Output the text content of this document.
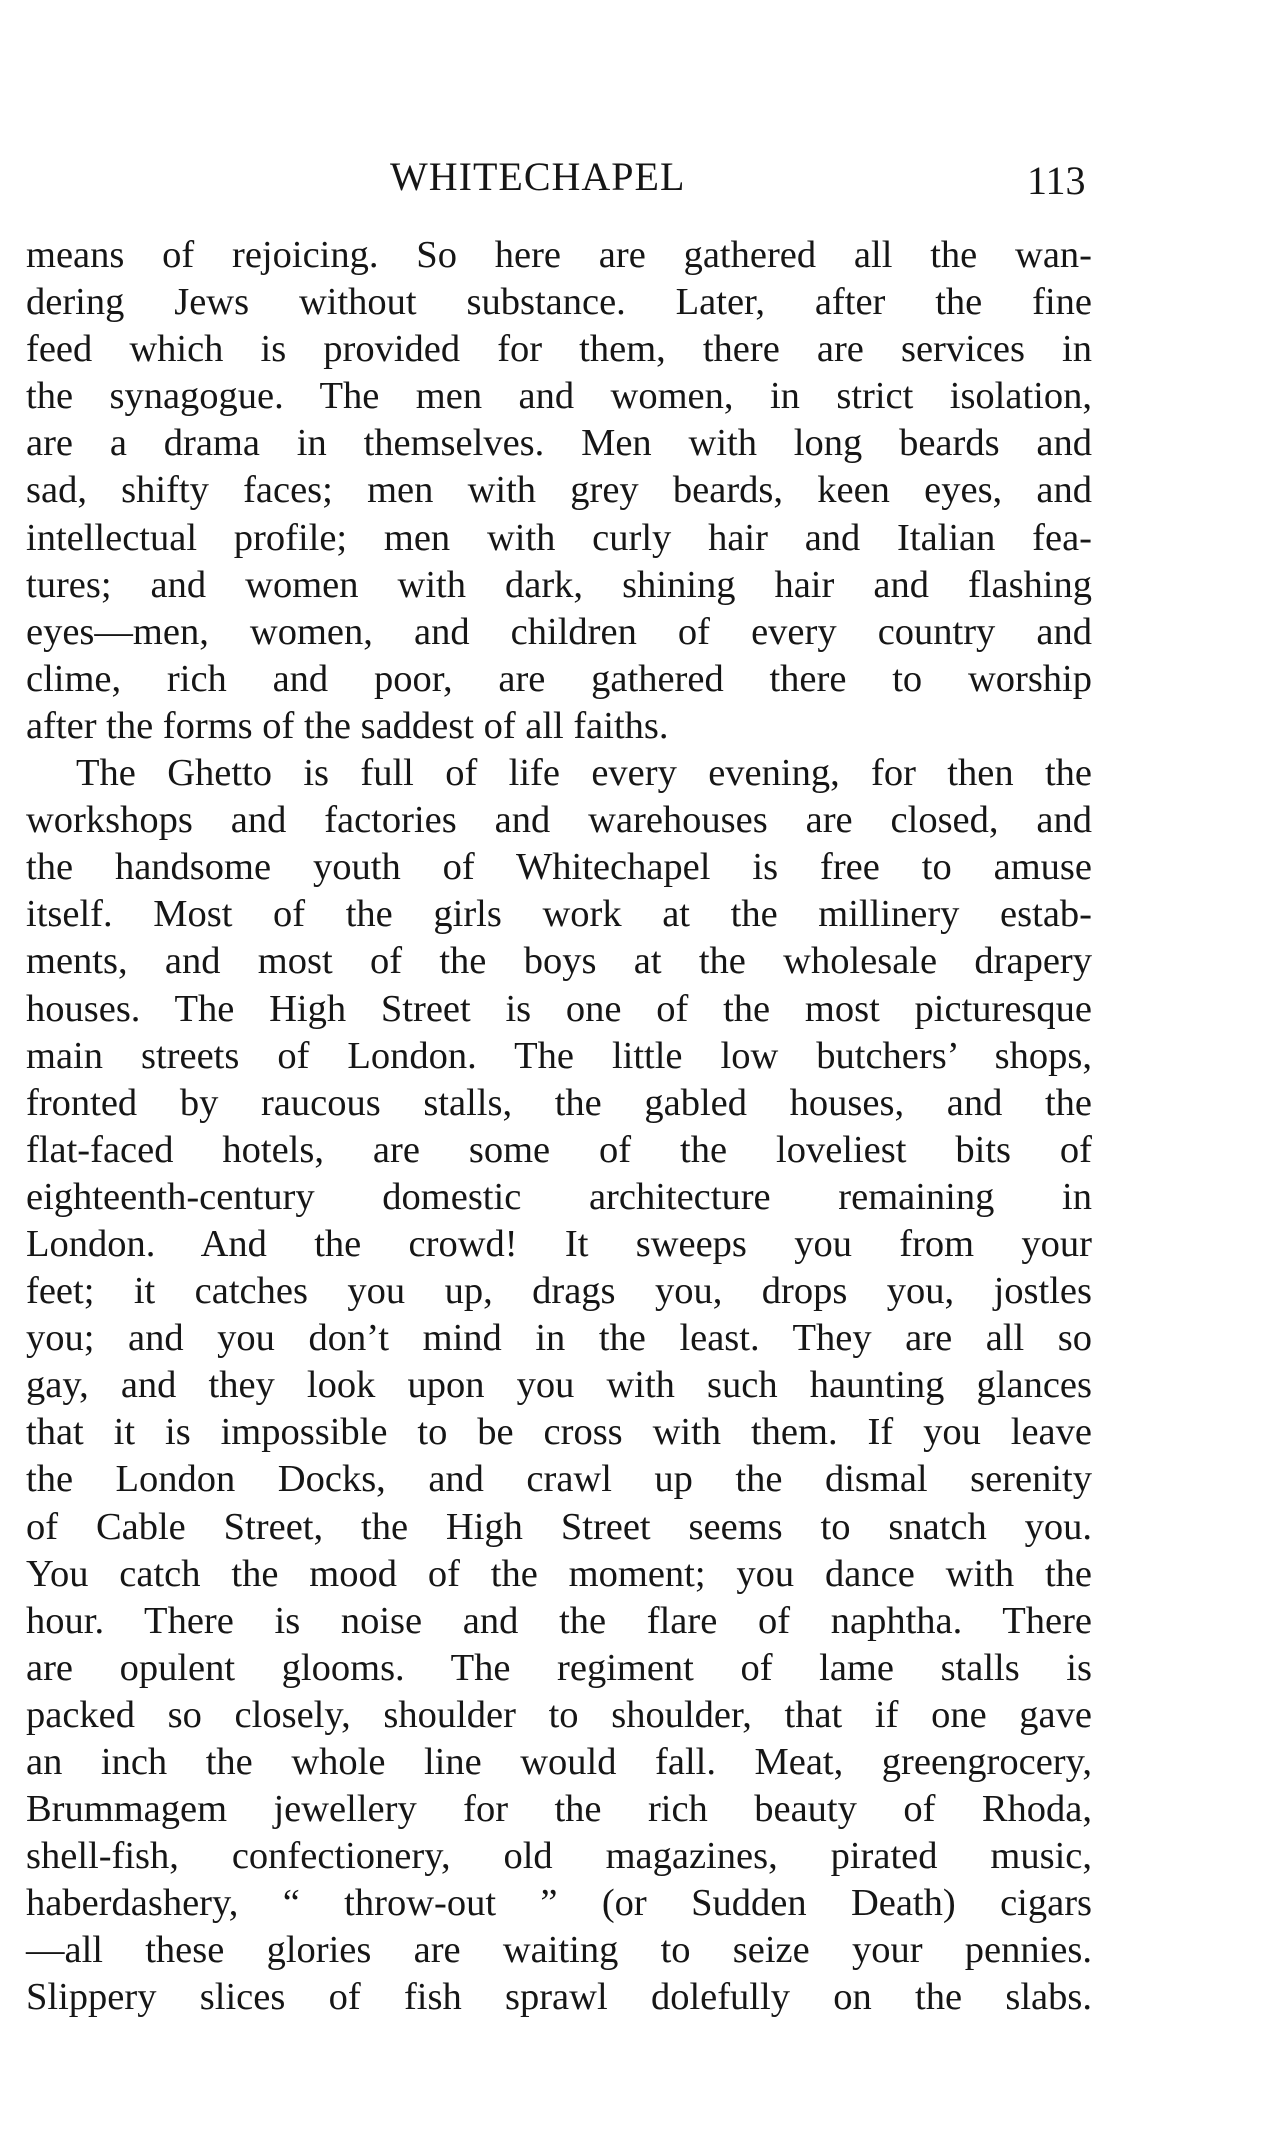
WHITECHAPEL	113
means of rejoicing. So here are gathered all the wan-
dering Jews without substance. Later, after the fine
feed which is provided for them, there are services in
the synagogue. The men and women, in strict isolation,
are a drama in themselves. Men with long beards and
sad, shifty faces; men with grey beards, keen eyes, and
intellectual profile; men with curly hair and Italian fea-
tures; and women with dark, shining hair and flashing
eyes—men, women, and children of every country and
clime, rich and poor, are gathered there to worship
after the forms of the saddest of all faiths.
The Ghetto is full of life every evening, for then the
workshops and factories and warehouses are closed, and
the handsome youth of Whitechapel is free to amuse
itself. Most of the girls work at the millinery estab-
ments, and most of the boys at the wholesale drapery
houses. The High Street is one of the most picturesque
main streets of London. The little low butchers’ shops,
fronted by raucous stalls, the gabled houses, and the
flat-faced hotels, are some of the loveliest bits of
eighteenth-century domestic architecture remaining in
London. And the crowd! It sweeps you from your
feet; it catches you up, drags you, drops you, jostles
you; and you don’t mind in the least. They are all so
gay, and they look upon you with such haunting glances
that it is impossible to be cross with them. If you leave
the London Docks, and crawl up the dismal serenity
of Cable Street, the High Street seems to snatch you.
You catch the mood of the moment; you dance with the
hour. There is noise and the flare of naphtha. There
are opulent glooms. The regiment of lame stalls is
packed so closely, shoulder to shoulder, that if one gave
an inch the whole line would fall. Meat, greengrocery,
Brummagem jewellery for the rich beauty of Rhoda,
shell-fish, confectionery, old magazines, pirated music,
haberdashery, “ throw-out ” (or Sudden Death) cigars
—all these glories are waiting to seize your pennies.
Slippery slices of fish sprawl dolefully on the slabs.
